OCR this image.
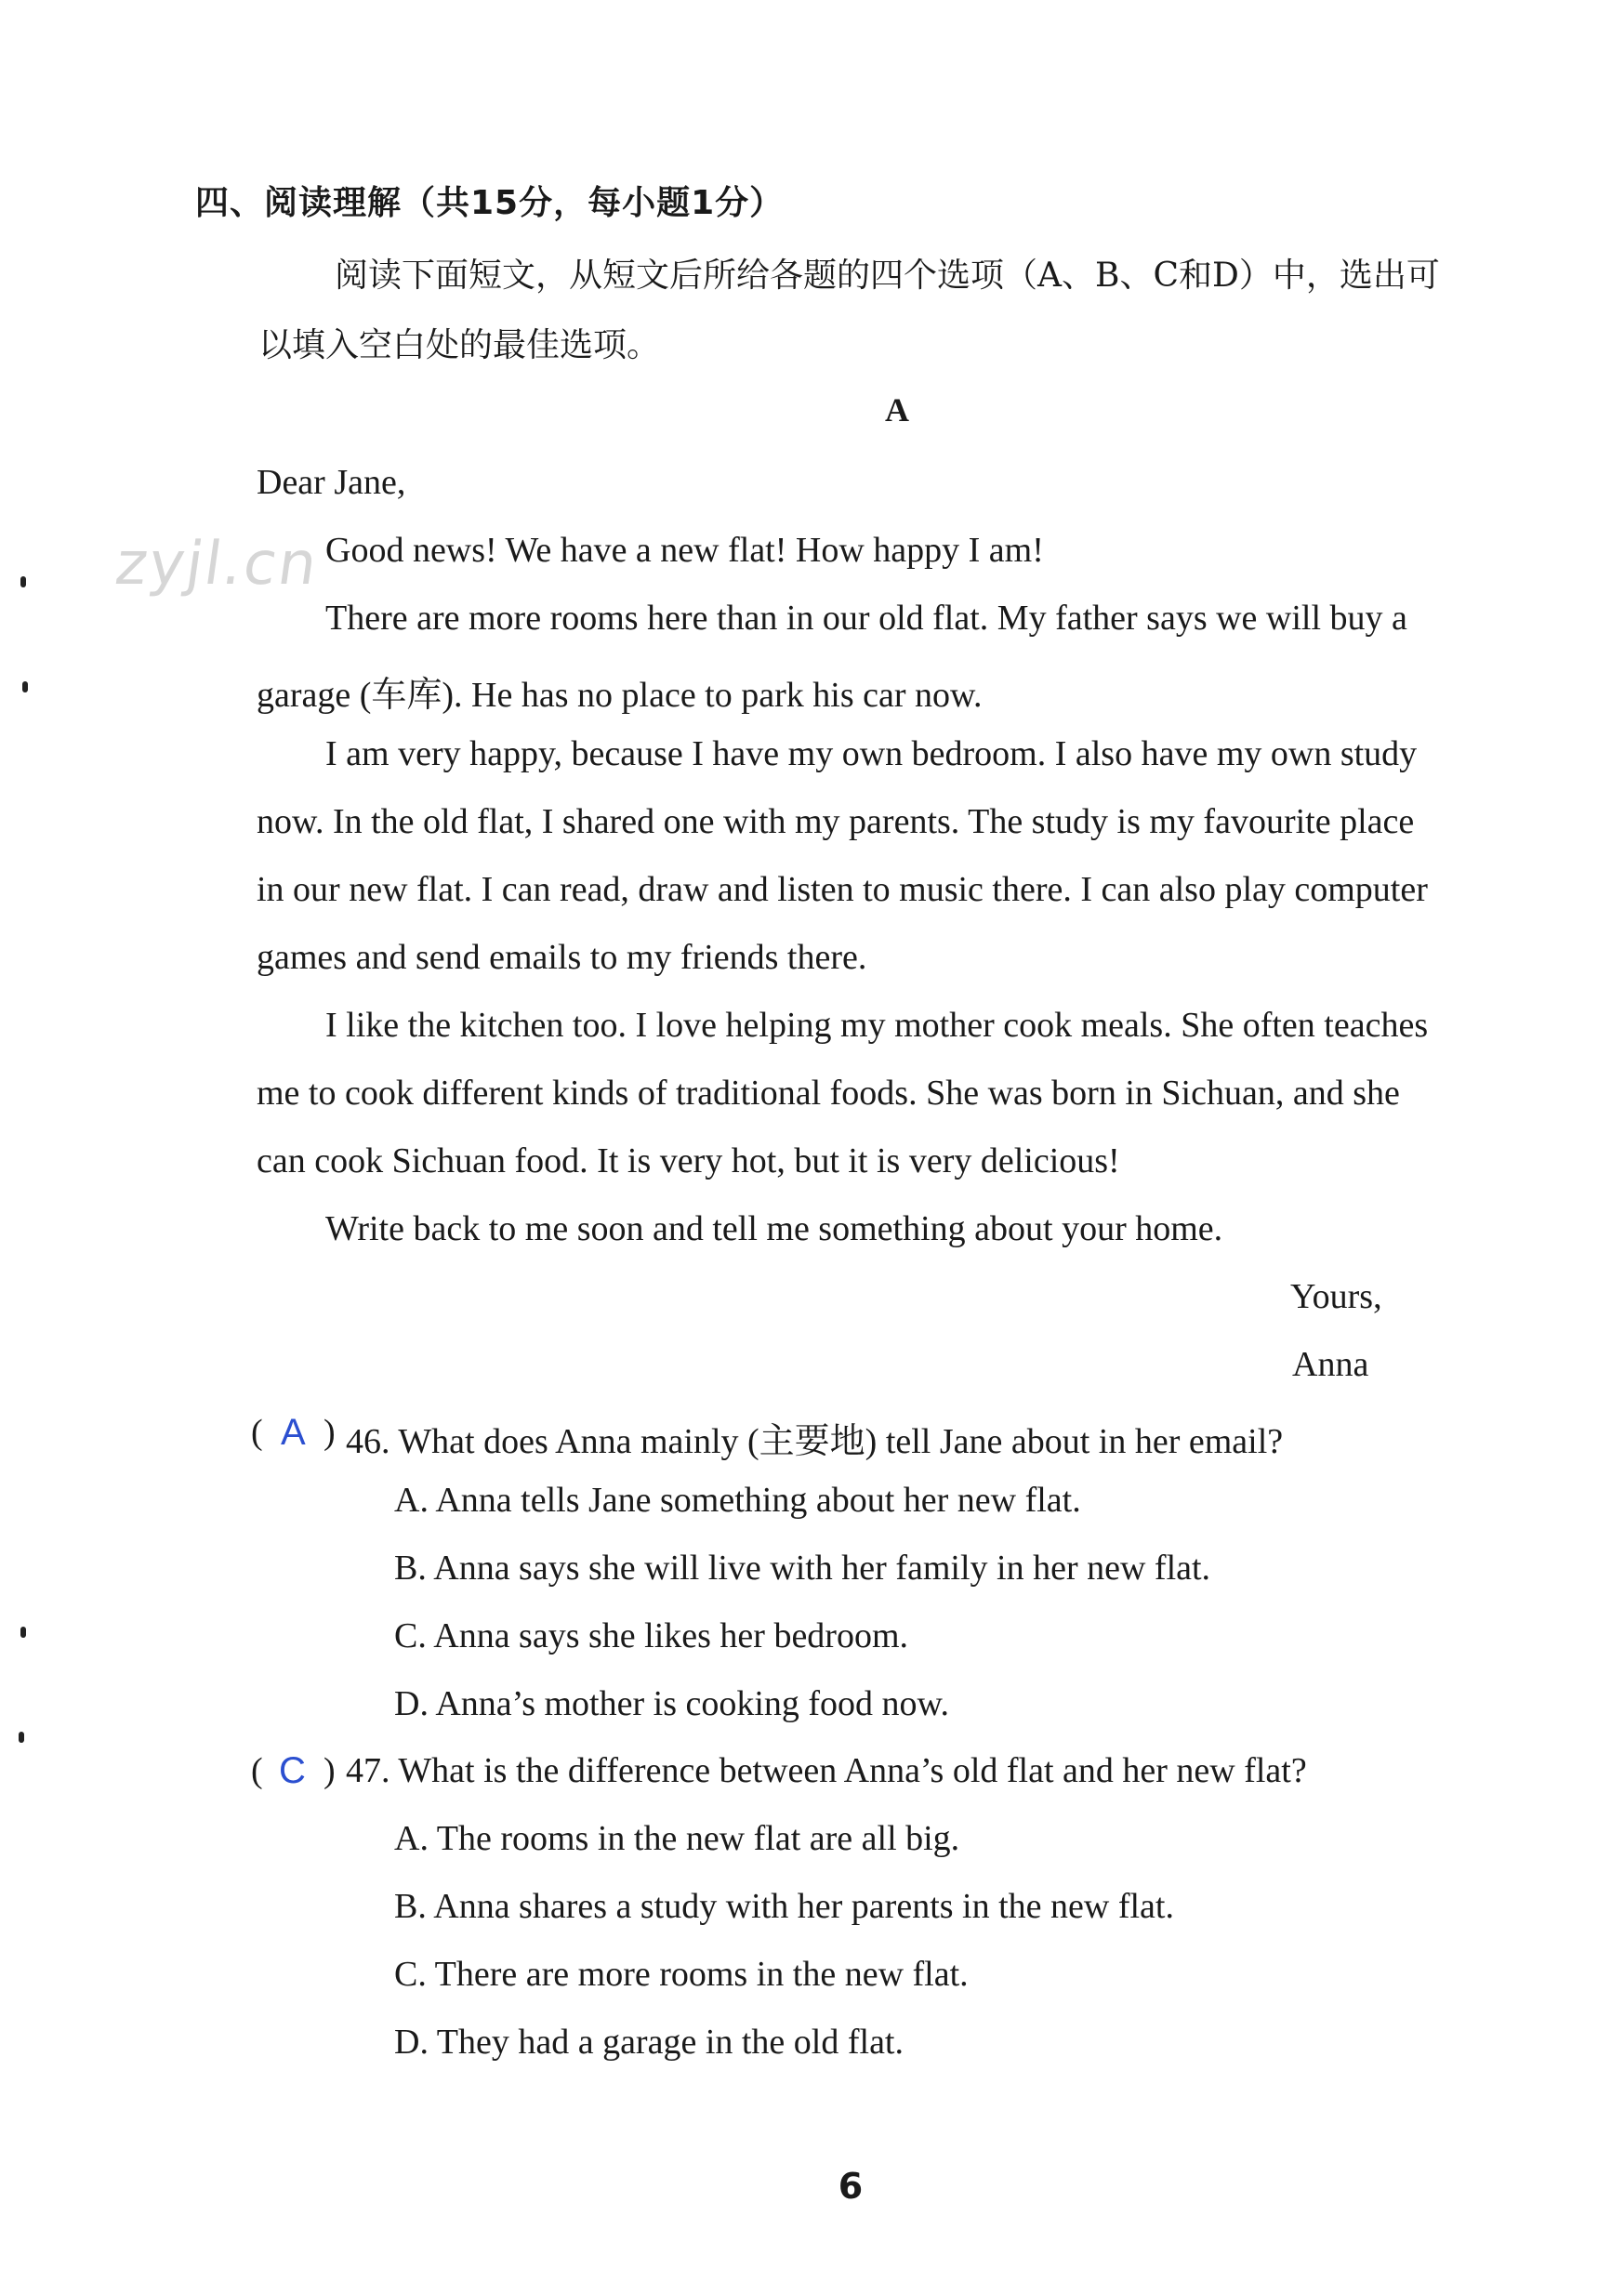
四、阅读理解（共15分，每小题1分）
阅读下面短文，从短文后所给各题的四个选项（A、B、C和D）中，选出可
以填入空白处的最佳选项。
A
zyjl.cn
Dear Jane,
Good news! We have a new flat! How happy I am!
There are more rooms here than in our old flat. My father says we will buy a
garage (车库). He has no place to park his car now.
I am very happy, because I have my own bedroom. I also have my own study
now. In the old flat, I shared one with my parents. The study is my favourite place
in our new flat. I can read, draw and listen to music there. I can also play computer
games and send emails to my friends there.
I like the kitchen too. I love helping my mother cook meals. She often teaches
me to cook different kinds of traditional foods. She was born in Sichuan, and she
can cook Sichuan food. It is very hot, but it is very delicious!
Write back to me soon and tell me something about your home.
Yours,
Anna
( A ) 46. What does Anna mainly (主要地) tell Jane about in her email?
A. Anna tells Jane something about her new flat.
B. Anna says she will live with her family in her new flat.
C. Anna says she likes her bedroom.
D. Anna’s mother is cooking food now.
( C ) 47. What is the difference between Anna’s old flat and her new flat?
A. The rooms in the new flat are all big.
B. Anna shares a study with her parents in the new flat.
C. There are more rooms in the new flat.
D. They had a garage in the old flat.
6
